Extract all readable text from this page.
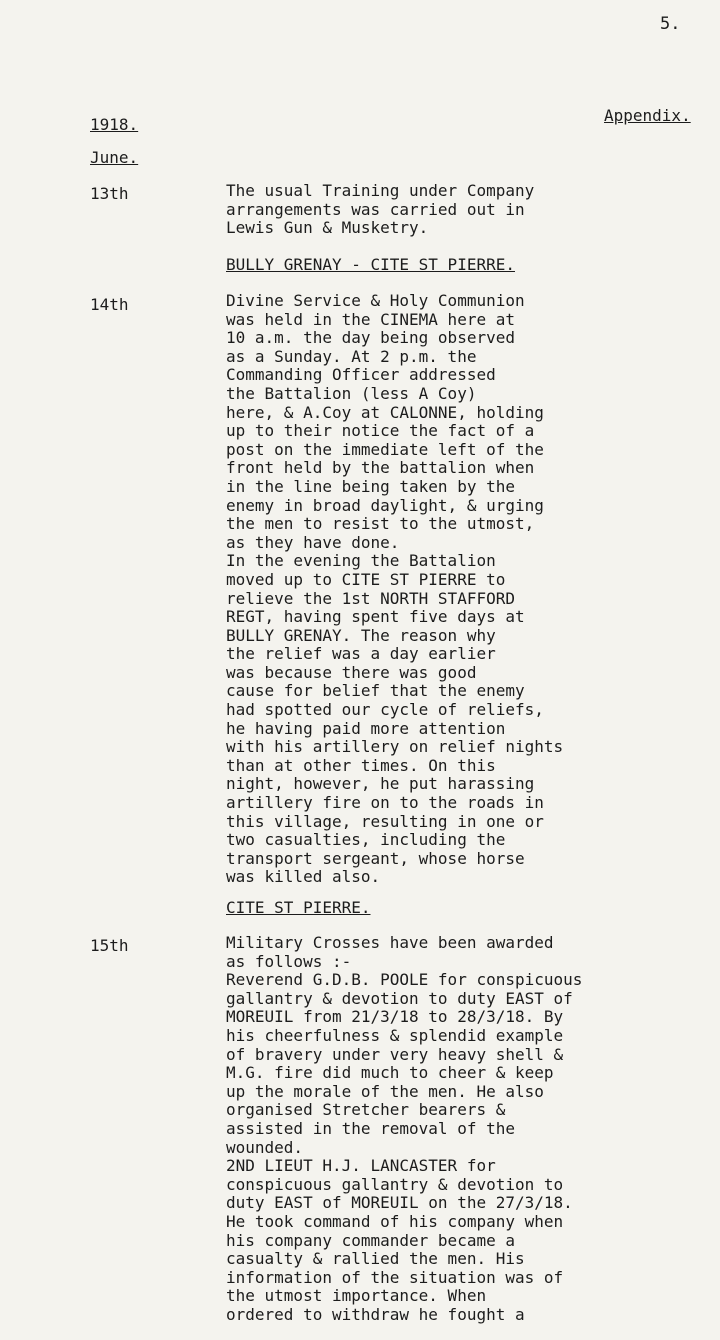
5.
1918.	Appendix.
June.
13th	The usual Training under Company
arrangements was carried out in
Lewis Gun & Musketry.
BULLY GRENAY - CITE ST PIERRE.
14th	Divine Service & Holy Communion
was held in the CINEMA here at
10 a.m. the day being observed
as a Sunday. At 2 p.m. the
Commanding Officer addressed
the Battalion (less A Coy)
here, & A.Coy at CALONNE, holding
up to their notice the fact of a
post on the immediate left of the
front held by the battalion when
in the line being taken by the
enemy in broad daylight, & urging
the men to resist to the utmost,
as they have done.
In the evening the Battalion
moved up to CITE ST PIERRE to
relieve the 1st NORTH STAFFORD
REGT, having spent five days at
BULLY GRENAY. The reason why
the relief was a day earlier
was because there was good
cause for belief that the enemy
had spotted our cycle of reliefs,
he having paid more attention
with his artillery on relief nights
than at other times. On this
night, however, he put harassing
artillery fire on to the roads in
this village, resulting in one or
two casualties, including the
transport sergeant, whose horse
was killed also.
CITE ST PIERRE.
15th	Military Crosses have been awarded
as follows :-
Reverend G.D.B. POOLE for conspicuous
gallantry & devotion to duty EAST of
MOREUIL from 21/3/18 to 28/3/18. By
his cheerfulness & splendid example
of bravery under very heavy shell &
M.G. fire did much to cheer & keep
up the morale of the men. He also
organised Stretcher bearers &
assisted in the removal of the
wounded.
2ND LIEUT H.J. LANCASTER for
conspicuous gallantry & devotion to
duty EAST of MOREUIL on the 27/3/18.
He took command of his company when
his company commander became a
casualty & rallied the men. His
information of the situation was of
the utmost importance. When
ordered to withdraw he fought a
